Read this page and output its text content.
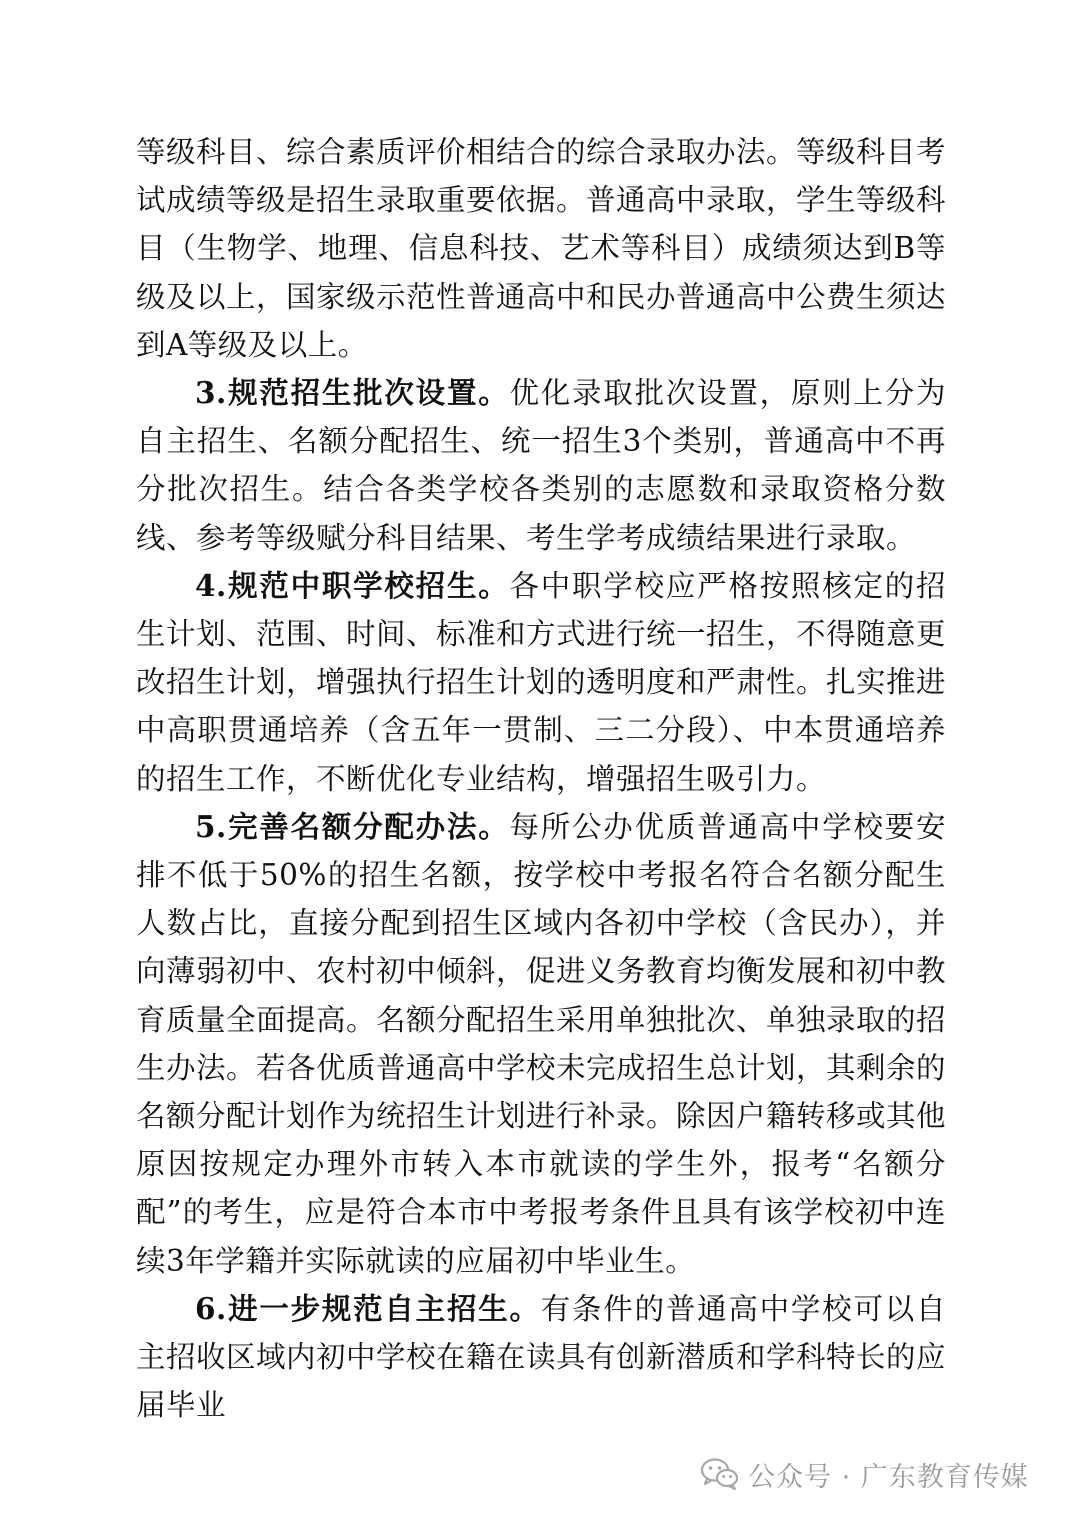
等级科目、综合素质评价相结合的综合录取办法。等级科目考试成绩等级是招生录取重要依据。普通高中录取，学生等级科目（生物学、地理、信息科技、艺术等科目）成绩须达到B等级及以上，国家级示范性普通高中和民办普通高中公费生须达到A等级及以上。

3.规范招生批次设置。优化录取批次设置，原则上分为自主招生、名额分配招生、统一招生3个类别，普通高中不再分批次招生。结合各类学校各类别的志愿数和录取资格分数线、参考等级赋分科目结果、考生学考成绩结果进行录取。

4.规范中职学校招生。各中职学校应严格按照核定的招生计划、范围、时间、标准和方式进行统一招生，不得随意更改招生计划，增强执行招生计划的透明度和严肃性。扎实推进中高职贯通培养（含五年一贯制、三二分段）、中本贯通培养的招生工作，不断优化专业结构，增强招生吸引力。

5.完善名额分配办法。每所公办优质普通高中学校要安排不低于50%的招生名额，按学校中考报名符合名额分配生人数占比，直接分配到招生区域内各初中学校（含民办），并向薄弱初中、农村初中倾斜，促进义务教育均衡发展和初中教育质量全面提高。名额分配招生采用单独批次、单独录取的招生办法。若各优质普通高中学校未完成招生总计划，其剩余的名额分配计划作为统招生计划进行补录。除因户籍转移或其他原因按规定办理外市转入本市就读的学生外，报考“名额分配”的考生，应是符合本市中考报考条件且具有该学校初中连续3年学籍并实际就读的应届初中毕业生。

6.进一步规范自主招生。有条件的普通高中学校可以自主招收区域内初中学校在籍在读具有创新潜质和学科特长的应届毕业

公众号 · 广东教育传媒
